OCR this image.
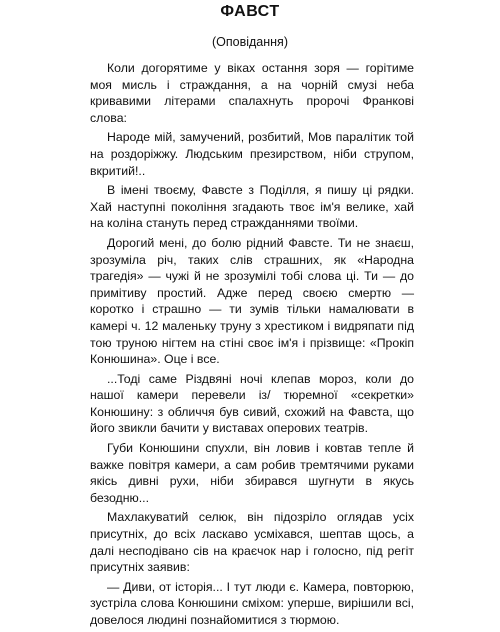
ФАВСТ
(Оповідання)

Коли догорятиме у віках остання зоря — горітиме моя мисль і страждання, а на чорній смузі неба кривавими літерами спалахнуть пророчі Франкові слова:

Народе мій, замучений, розбитий, Мов паралітик той на роздоріжжу. Людським презирством, ніби струпом, вкритий!..

В імені твоєму, Фавсте з Поділля, я пишу ці рядки. Хай наступні покоління згадають твоє ім'я велике, хай на коліна стануть перед стражданнями твоїми.

Дорогий мені, до болю рідний Фавсте. Ти не знаєш, зрозуміла річ, таких слів страшних, як «Народна трагедія» — чужі й не зрозумілі тобі слова ці. Ти — до примітиву простий. Адже перед своєю смертю — коротко і страшно — ти зумів тільки намалювати в камері ч. 12 маленьку труну з хрестиком і видряпати під тою труною нігтем на стіні своє ім'я і прізвище: «Прокіп Конюшина». Оце і все.

...Тоді саме Різдвяні ночі клепав мороз, коли до нашої камери перевели із/ тюремної «секретки» Конюшину: з обличчя був сивий, схожий на Фавста, що його звикли бачити у виставах оперових театрів.

Губи Конюшини спухли, він ловив і ковтав тепле й важке повітря камери, а сам робив тремтячими руками якісь дивні рухи, ніби збирався шугнути в якусь безодню...

Махлакуватий селюк, він підозріло оглядав усіх присутніх, до всіх ласкаво усміхався, шептав щось, а далі несподівано сів на краєчок нар і голосно, під регіт присутніх заявив:

— Диви, от історія... І тут люди є. Камера, повторюю, зустріла слова Конюшини сміхом: уперше, вирішили всі, довелося людині познайомитися з тюрмою.
